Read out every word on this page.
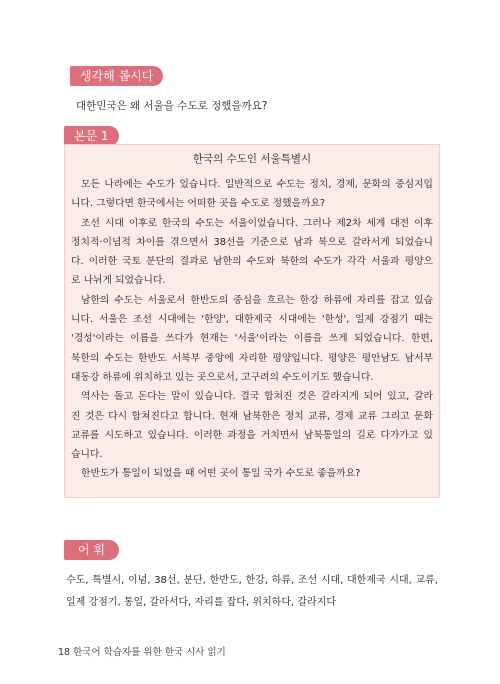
생각해 봅시다
대한민국은 왜 서울을 수도로 정했을까요?
본문 1
한국의 수도인 서울특별시
모든 나라에는 수도가 있습니다. 일반적으로 수도는 정치, 경제, 문화의 중심지입
니다. 그렇다면 한국에서는 어떠한 곳을 수도로 정했을까요?
조선 시대 이후로 한국의 수도는 서울이었습니다. 그러나 제2차 세계 대전 이후
정치적·이념적 차이를 겪으면서 38선을 기준으로 남과 북으로 갈라서게 되었습니
다. 이러한 국토 분단의 결과로 남한의 수도와 북한의 수도가 각각 서울과 평양으
로 나뉘게 되었습니다.
남한의 수도는 서울로서 한반도의 중심을 흐르는 한강 하류에 자리를 잡고 있습
니다. 서울은 조선 시대에는 '한양', 대한제국 시대에는 '한성', 일제 강점기 때는
'경성'이라는 이름을 쓰다가 현재는 '서울'이라는 이름을 쓰게 되었습니다. 한편,
북한의 수도는 한반도 서북부 중앙에 자리한 평양입니다. 평양은 평안남도 남서부
대동강 하류에 위치하고 있는 곳으로서, 고구려의 수도이기도 했습니다.
역사는 돌고 돈다는 말이 있습니다. 결국 합쳐진 것은 갈라지게 되어 있고, 갈라
진 것은 다시 합쳐진다고 합니다. 현재 남북한은 정치 교류, 경제 교류 그리고 문화
교류를 시도하고 있습니다. 이러한 과정을 거치면서 남북통일의 길로 다가가고 있
습니다.
한반도가 통일이 되었을 때 어떤 곳이 통일 국가 수도로 좋을까요?
어 휘
수도, 특별시, 이념, 38선, 분단, 한반도, 한강, 하류, 조선 시대, 대한제국 시대, 교류,
일제 강점기, 통일, 갈라서다, 자리를 잡다, 위치하다, 갈라지다
18 한국어 학습자를 위한 한국 시사 읽기
